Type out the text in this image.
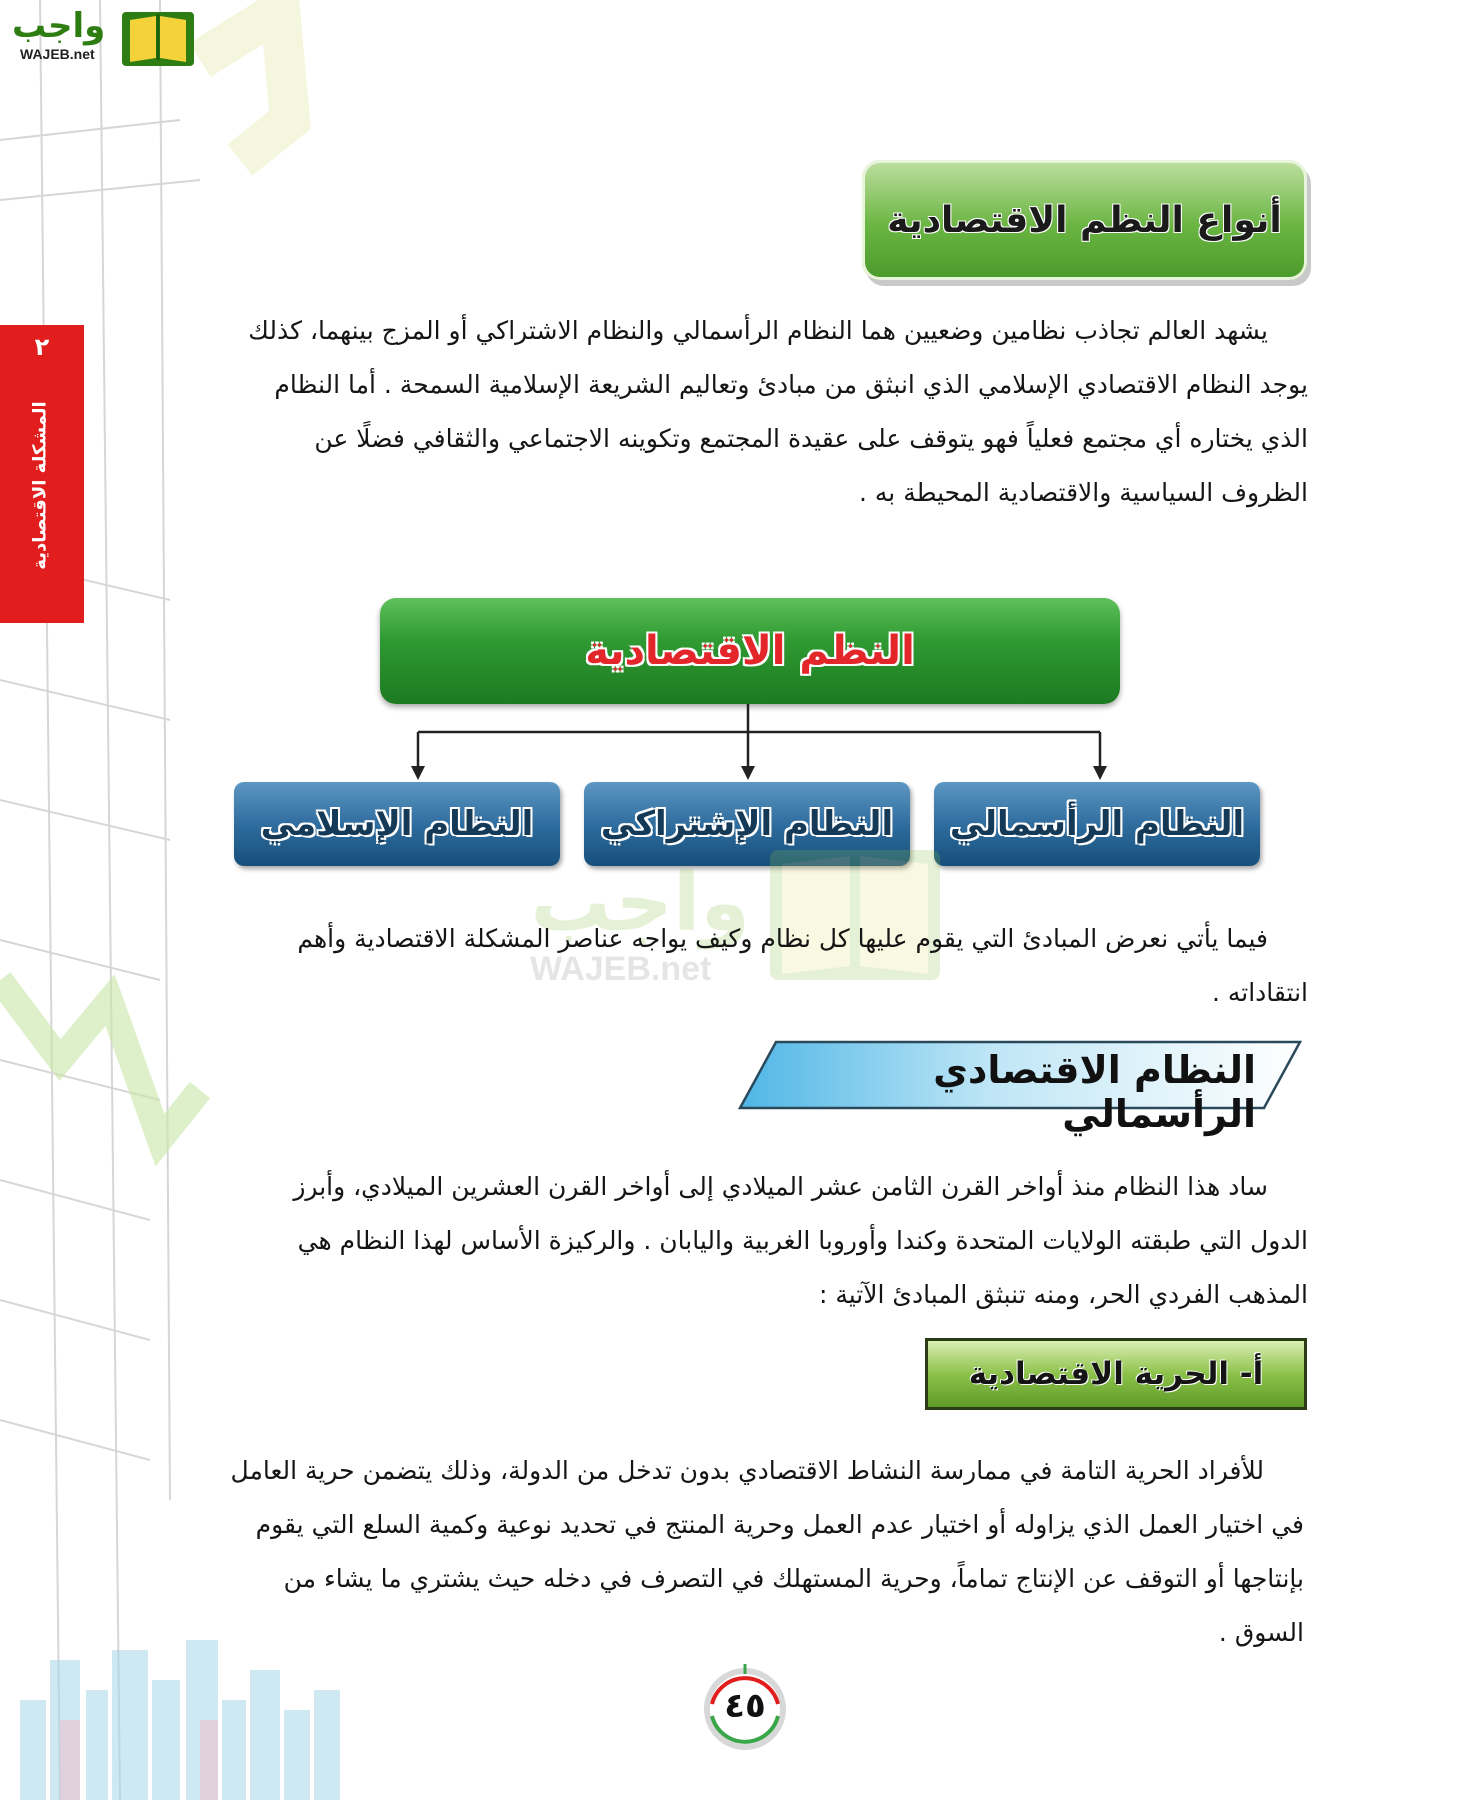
واجب
WAJEB.net
٢
المشكلة الاقتصادية
أنواع النظم الاقتصادية
يشهد العالم تجاذب نظامين وضعيين هما النظام الرأسمالي والنظام الاشتراكي أو المزج بينهما، كذلك
يوجد النظام الاقتصادي الإسلامي الذي انبثق من مبادئ وتعاليم الشريعة الإسلامية السمحة . أما النظام
الذي يختاره أي مجتمع فعلياً فهو يتوقف على عقيدة المجتمع وتكوينه الاجتماعي والثقافي فضلًا عن
الظروف السياسية والاقتصادية المحيطة به .
النظم الاقتصادية
النظام الرأسمالي
النظام الإشتراكي
النظام الإسلامي
واجب
WAJEB.net
فيما يأتي نعرض المبادئ التي يقوم عليها كل نظام وكيف يواجه عناصر المشكلة الاقتصادية وأهم
انتقاداته .
النظام الاقتصادي الرأسمالي
ساد هذا النظام منذ أواخر القرن الثامن عشر الميلادي إلى أواخر القرن العشرين الميلادي، وأبرز
الدول التي طبقته الولايات المتحدة وكندا وأوروبا الغربية واليابان . والركيزة الأساس لهذا النظام هي
المذهب الفردي الحر، ومنه تنبثق المبادئ الآتية :
أ- الحرية الاقتصادية
للأفراد الحرية التامة في ممارسة النشاط الاقتصادي بدون تدخل من الدولة، وذلك يتضمن حرية العامل
في اختيار العمل الذي يزاوله أو اختيار عدم العمل وحرية المنتج في تحديد نوعية وكمية السلع التي يقوم
بإنتاجها أو التوقف عن الإنتاج تماماً، وحرية المستهلك في التصرف في دخله حيث يشتري ما يشاء من
السوق .
٤٥
